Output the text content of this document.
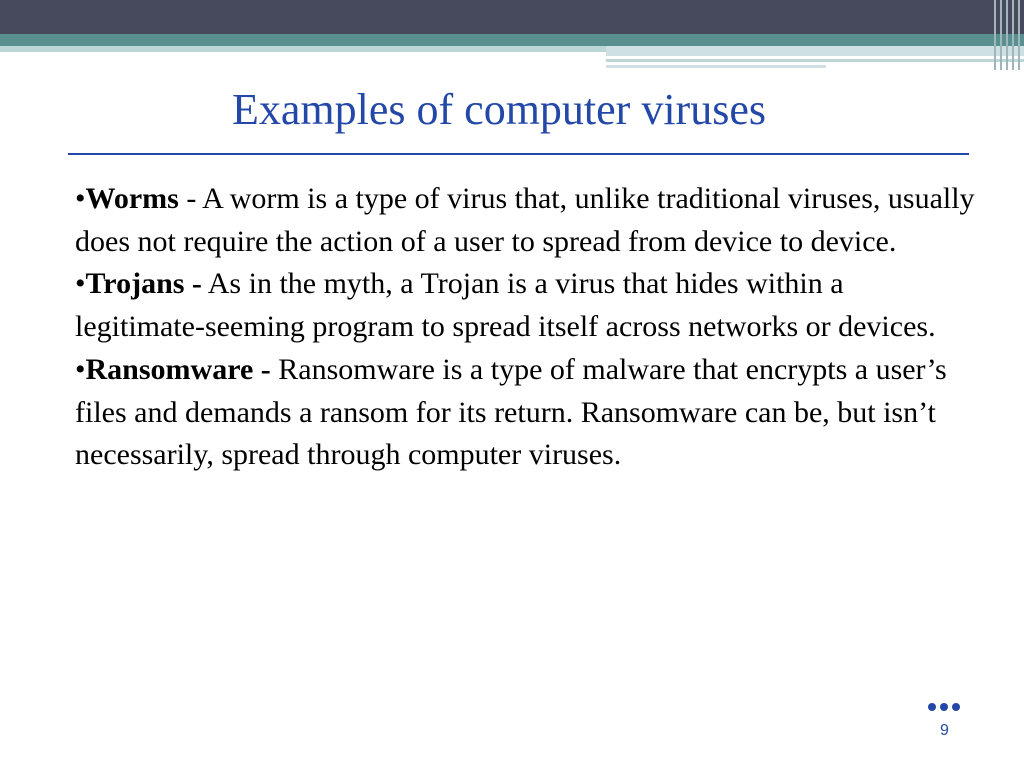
Examples of computer viruses

•Worms - A worm is a type of virus that, unlike traditional viruses, usually does not require the action of a user to spread from device to device.

•Trojans - As in the myth, a Trojan is a virus that hides within a legitimate-seeming program to spread itself across networks or devices.

•Ransomware - Ransomware is a type of malware that encrypts a user’s files and demands a ransom for its return. Ransomware can be, but isn’t necessarily, spread through computer viruses.

9
